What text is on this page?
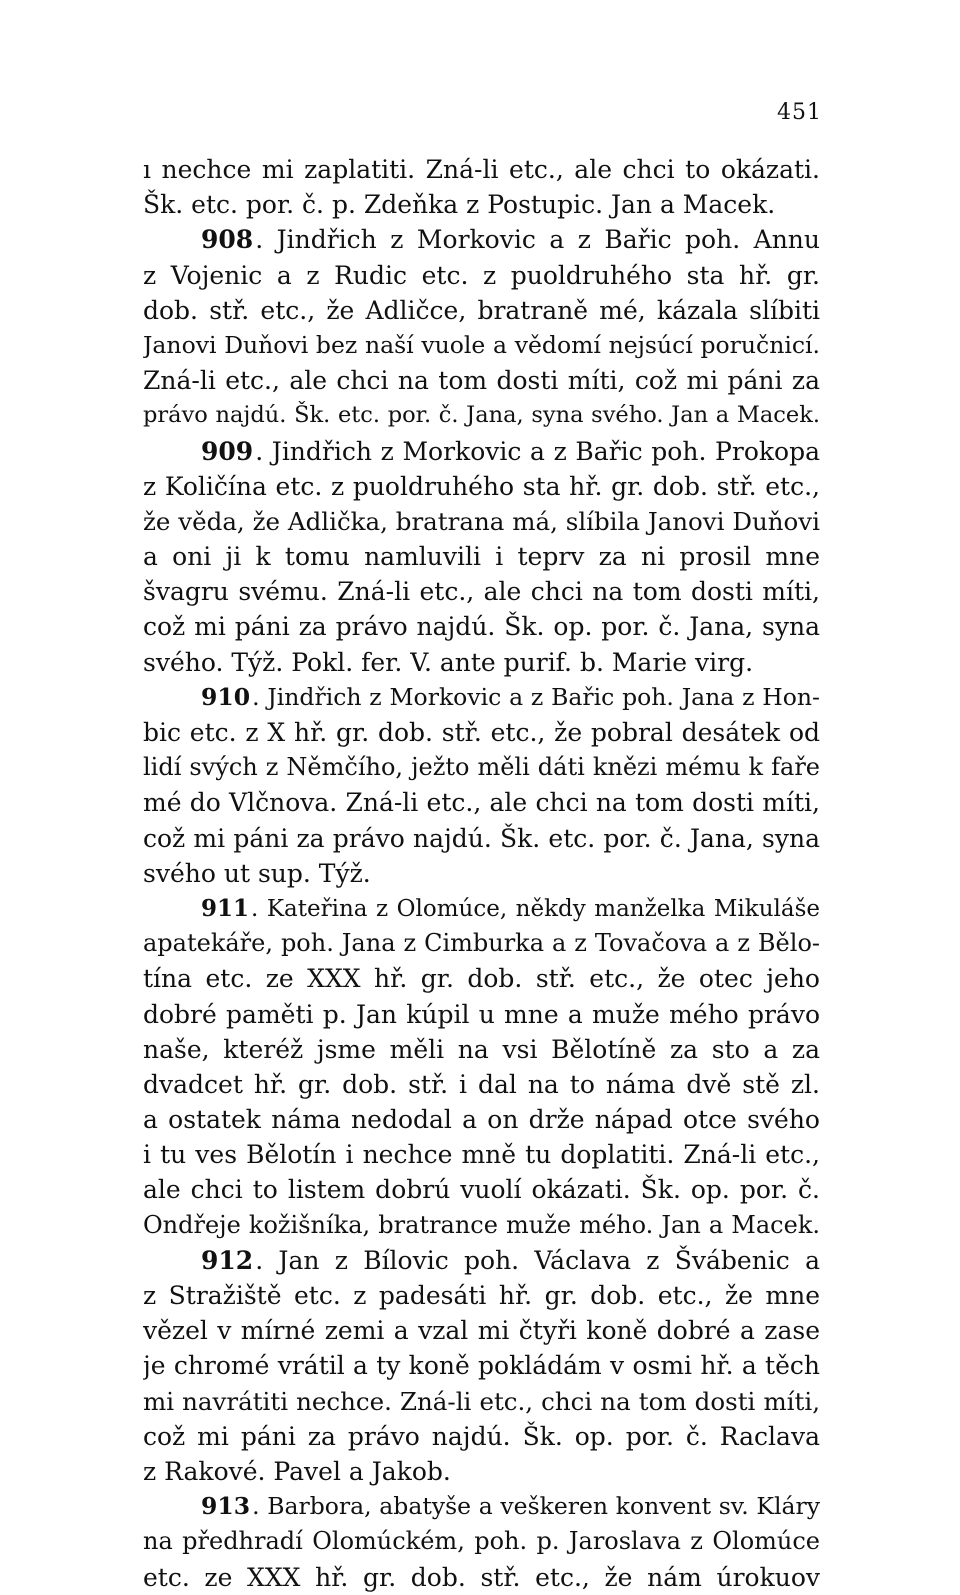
451
ı nechce mi zaplatiti. Zná-li etc., ale chci to okázati.
Šk. etc. por. č. p. Zdeňka z Postupic. Jan a Macek.
908. Jindřich z Morkovic a z Bařic poh. Annu
z Vojenic a z Rudic etc. z puoldruhého sta hř. gr.
dob. stř. etc., že Adličce, bratraně mé, kázala slíbiti
Janovi Duňovi bez naší vuole a vědomí nejsúcí poručnicí.
Zná-li etc., ale chci na tom dosti míti, což mi páni za
právo najdú. Šk. etc. por. č. Jana, syna svého. Jan a Macek.
909. Jindřich z Morkovic a z Bařic poh. Prokopa
z Količína etc. z puoldruhého sta hř. gr. dob. stř. etc.,
že věda, že Adlička, bratrana má, slíbila Janovi Duňovi
a oni ji k tomu namluvili i teprv za ni prosil mne
švagru svému. Zná-li etc., ale chci na tom dosti míti,
což mi páni za právo najdú. Šk. op. por. č. Jana, syna
svého. Týž. Pokl. fer. V. ante purif. b. Marie virg.
910. Jindřich z Morkovic a z Bařic poh. Jana z Hon-
bic etc. z X hř. gr. dob. stř. etc., že pobral desátek od
lidí svých z Němčího, ježto měli dáti knězi mému k faře
mé do Vlčnova. Zná-li etc., ale chci na tom dosti míti,
což mi páni za právo najdú. Šk. etc. por. č. Jana, syna
svého ut sup. Týž.
911. Kateřina z Olomúce, někdy manželka Mikuláše
apatekáře, poh. Jana z Cimburka a z Tovačova a z Bělo-
tína etc. ze XXX hř. gr. dob. stř. etc., že otec jeho
dobré paměti p. Jan kúpil u mne a muže mého právo
naše, kteréž jsme měli na vsi Bělotíně za sto a za
dvadcet hř. gr. dob. stř. i dal na to náma dvě stě zl.
a ostatek náma nedodal a on drže nápad otce svého
i tu ves Bělotín i nechce mně tu doplatiti. Zná-li etc.,
ale chci to listem dobrú vuolí okázati. Šk. op. por. č.
Ondřeje kožišníka, bratrance muže mého. Jan a Macek.
912. Jan z Bílovic poh. Václava z Švábenic a
z Stražiště etc. z padesáti hř. gr. dob. etc., že mne
vězel v mírné zemi a vzal mi čtyři koně dobré a zase
je chromé vrátil a ty koně pokládám v osmi hř. a těch
mi navrátiti nechce. Zná-li etc., chci na tom dosti míti,
což mi páni za právo najdú. Šk. op. por. č. Raclava
z Rakové. Pavel a Jakob.
913. Barbora, abatyše a veškeren konvent sv. Kláry
na předhradí Olomúckém, poh. p. Jaroslava z Olomúce
etc. ze XXX hř. gr. dob. stř. etc., že nám úrokuov
